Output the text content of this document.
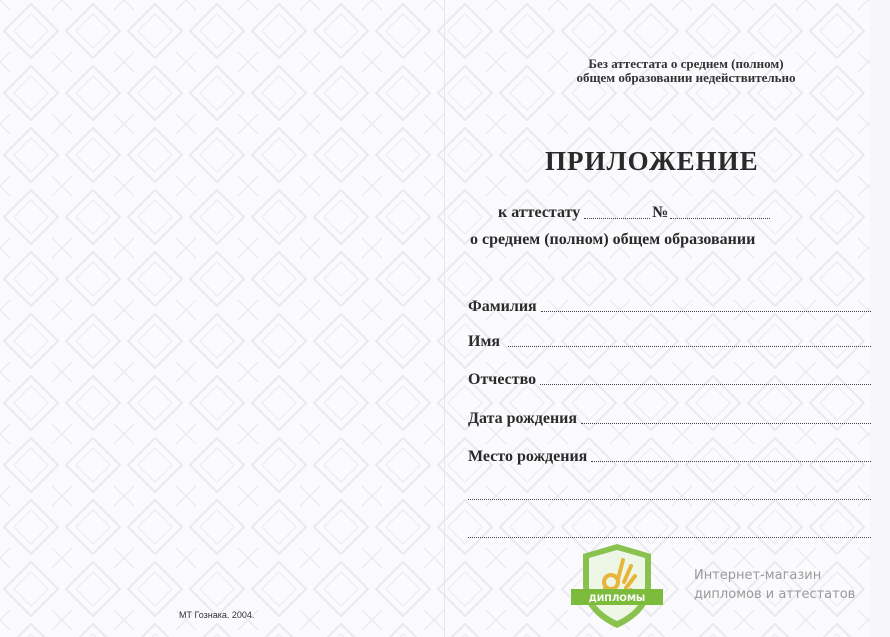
Без аттестата о среднем (полном)
общем образовании недействительно
ПРИЛОЖЕНИЕ
к аттестату	№
о среднем (полном) общем образовании
Фамилия
Имя
Отчество
Дата рождения
Место рождения
МТ Гознака. 2004.
ДИПЛОМЫ
Интернет-магазин
дипломов и аттестатов
